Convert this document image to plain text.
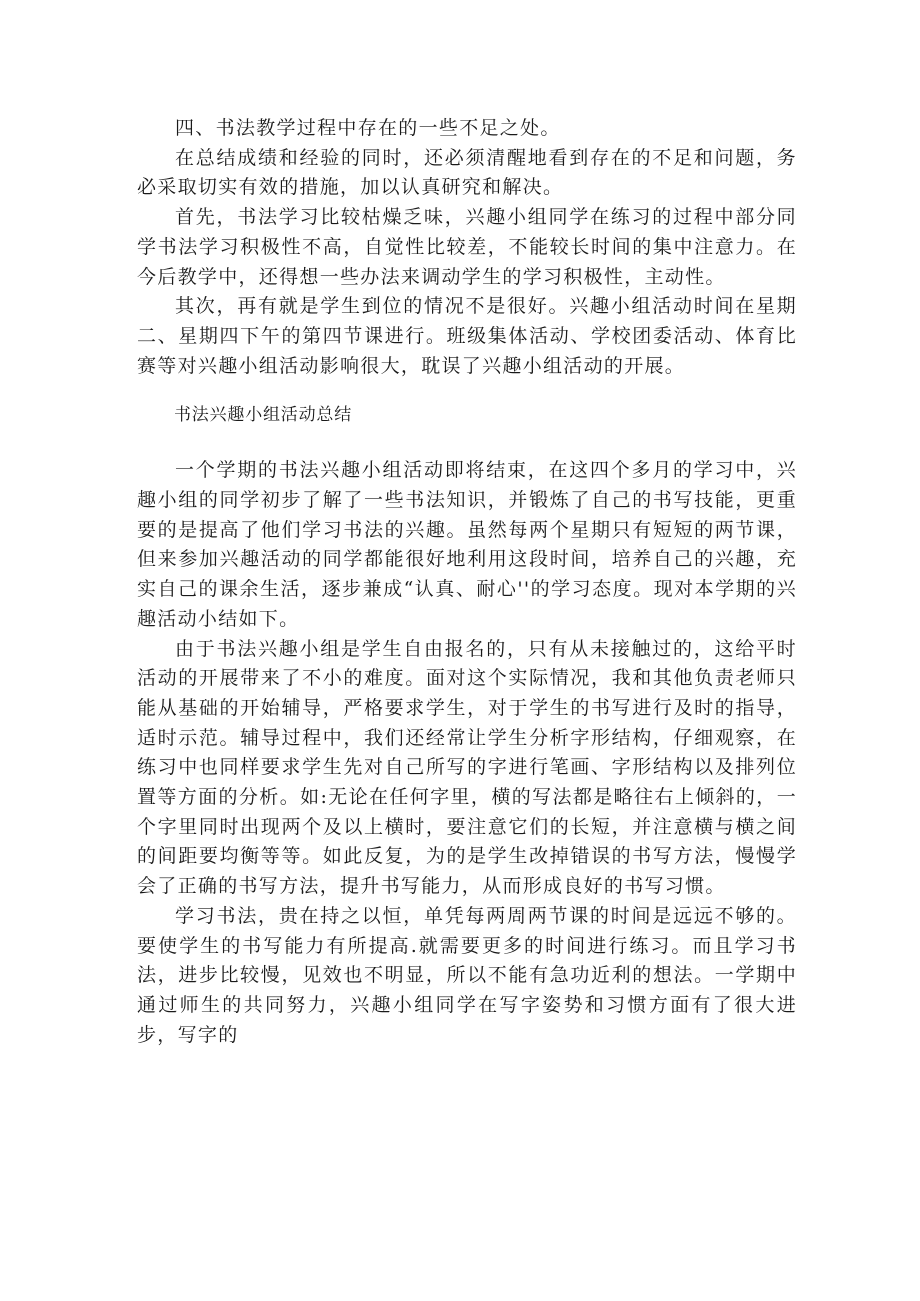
四、书法教学过程中存在的一些不足之处。

在总结成绩和经验的同时，还必须清醒地看到存在的不足和问题，务必采取切实有效的措施，加以认真研究和解决。

首先，书法学习比较枯燥乏味，兴趣小组同学在练习的过程中部分同学书法学习积极性不高，自觉性比较差，不能较长时间的集中注意力。在今后教学中，还得想一些办法来调动学生的学习积极性，主动性。

其次，再有就是学生到位的情况不是很好。兴趣小组活动时间在星期二、星期四下午的第四节课进行。班级集体活动、学校团委活动、体育比赛等对兴趣小组活动影响很大，耽误了兴趣小组活动的开展。

书法兴趣小组活动总结

一个学期的书法兴趣小组活动即将结束，在这四个多月的学习中，兴趣小组的同学初步了解了一些书法知识，并锻炼了自己的书写技能，更重要的是提高了他们学习书法的兴趣。虽然每两个星期只有短短的两节课，但来参加兴趣活动的同学都能很好地利用这段时间，培养自己的兴趣，充实自己的课余生活，逐步兼成“认真、耐心''的学习态度。现对本学期的兴趣活动小结如下。

由于书法兴趣小组是学生自由报名的，只有从未接触过的，这给平时活动的开展带来了不小的难度。面对这个实际情况，我和其他负责老师只能从基础的开始辅导，严格要求学生，对于学生的书写进行及时的指导，适时示范。辅导过程中，我们还经常让学生分析字形结构，仔细观察，在练习中也同样要求学生先对自己所写的字进行笔画、字形结构以及排列位置等方面的分析。如:无论在任何字里，横的写法都是略往右上倾斜的，一个字里同时出现两个及以上横时，要注意它们的长短，并注意横与横之间的间距要均衡等等。如此反复，为的是学生改掉错误的书写方法，慢慢学会了正确的书写方法，提升书写能力，从而形成良好的书写习惯。

学习书法，贵在持之以恒，单凭每两周两节课的时间是远远不够的。要使学生的书写能力有所提高.就需要更多的时间进行练习。而且学习书法，进步比较慢，见效也不明显，所以不能有急功近利的想法。一学期中通过师生的共同努力，兴趣小组同学在写字姿势和习惯方面有了很大进步，写字的
